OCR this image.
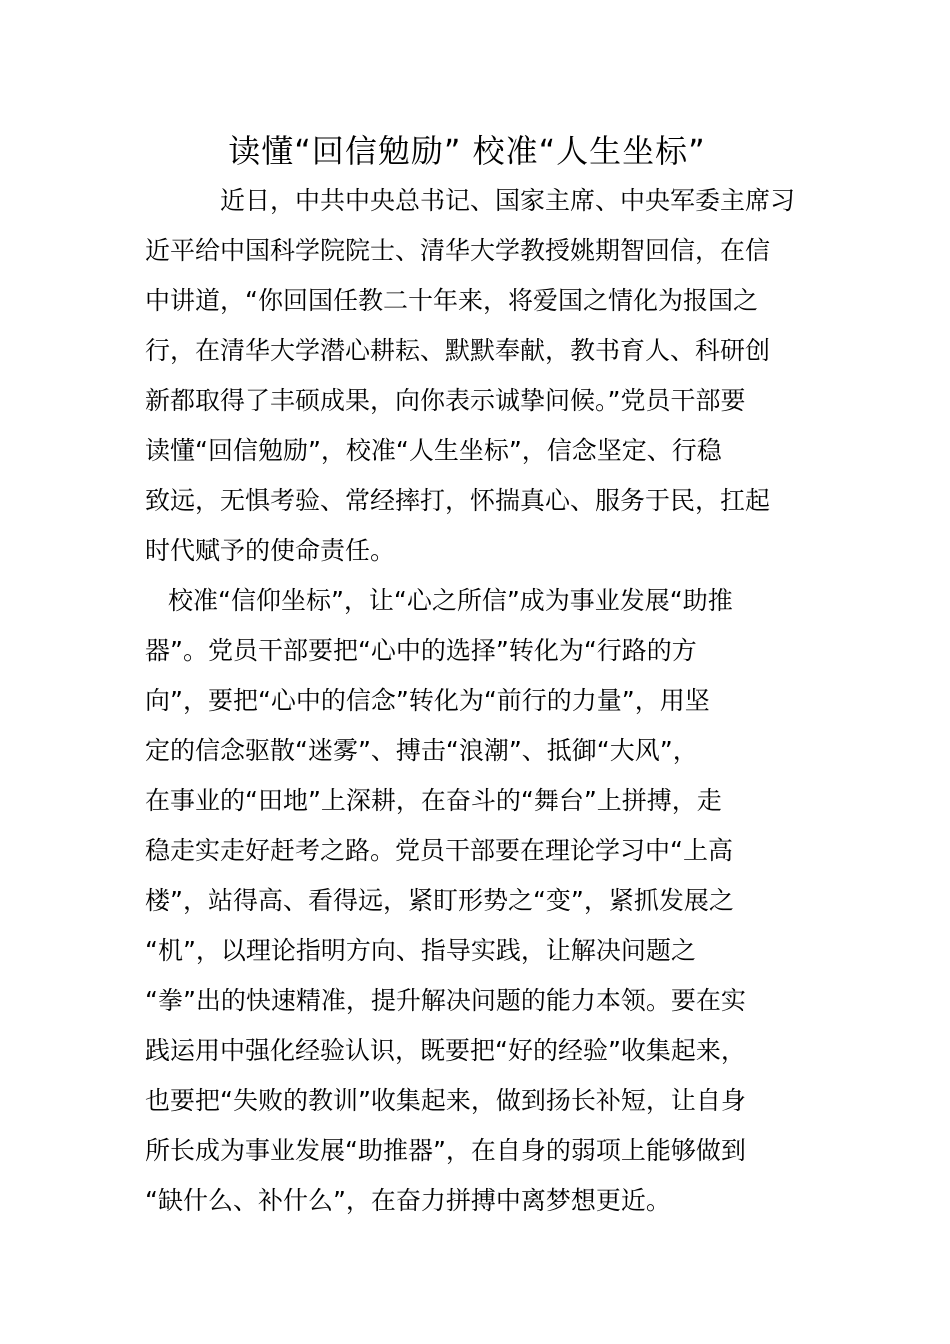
读懂“回信勉励” 校准“人生坐标”

近日，中共中央总书记、国家主席、中央军委主席习
近平给中国科学院院士、清华大学教授姚期智回信，在信
中讲道，“你回国任教二十年来，将爱国之情化为报国之
行，在清华大学潜心耕耘、默默奉献，教书育人、科研创
新都取得了丰硕成果，向你表示诚挚问候。”党员干部要
读懂“回信勉励”，校准“人生坐标”，信念坚定、行稳
致远，无惧考验、常经摔打，怀揣真心、服务于民，扛起
时代赋予的使命责任。

校准“信仰坐标”，让“心之所信”成为事业发展“助推
器”。党员干部要把“心中的选择”转化为“行路的方
向”，要把“心中的信念”转化为“前行的力量”，用坚
定的信念驱散“迷雾”、搏击“浪潮”、抵御“大风”，
在事业的“田地”上深耕，在奋斗的“舞台”上拼搏，走
稳走实走好赶考之路。党员干部要在理论学习中“上高
楼”，站得高、看得远，紧盯形势之“变”，紧抓发展之
“机”，以理论指明方向、指导实践，让解决问题之
“拳”出的快速精准，提升解决问题的能力本领。要在实
践运用中强化经验认识，既要把“好的经验”收集起来，
也要把“失败的教训”收集起来，做到扬长补短，让自身
所长成为事业发展“助推器”，在自身的弱项上能够做到
“缺什么、补什么”，在奋力拼搏中离梦想更近。
